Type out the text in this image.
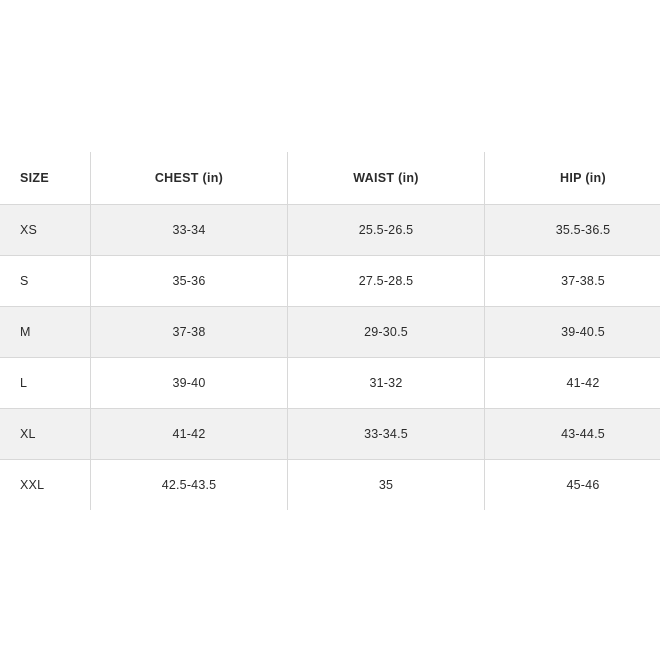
SIZE	CHEST (in)	WAIST (in)	HIP (in)
XS	33-34	25.5-26.5	35.5-36.5
S	35-36	27.5-28.5	37-38.5
M	37-38	29-30.5	39-40.5
L	39-40	31-32	41-42
XL	41-42	33-34.5	43-44.5
XXL	42.5-43.5	35	45-46
